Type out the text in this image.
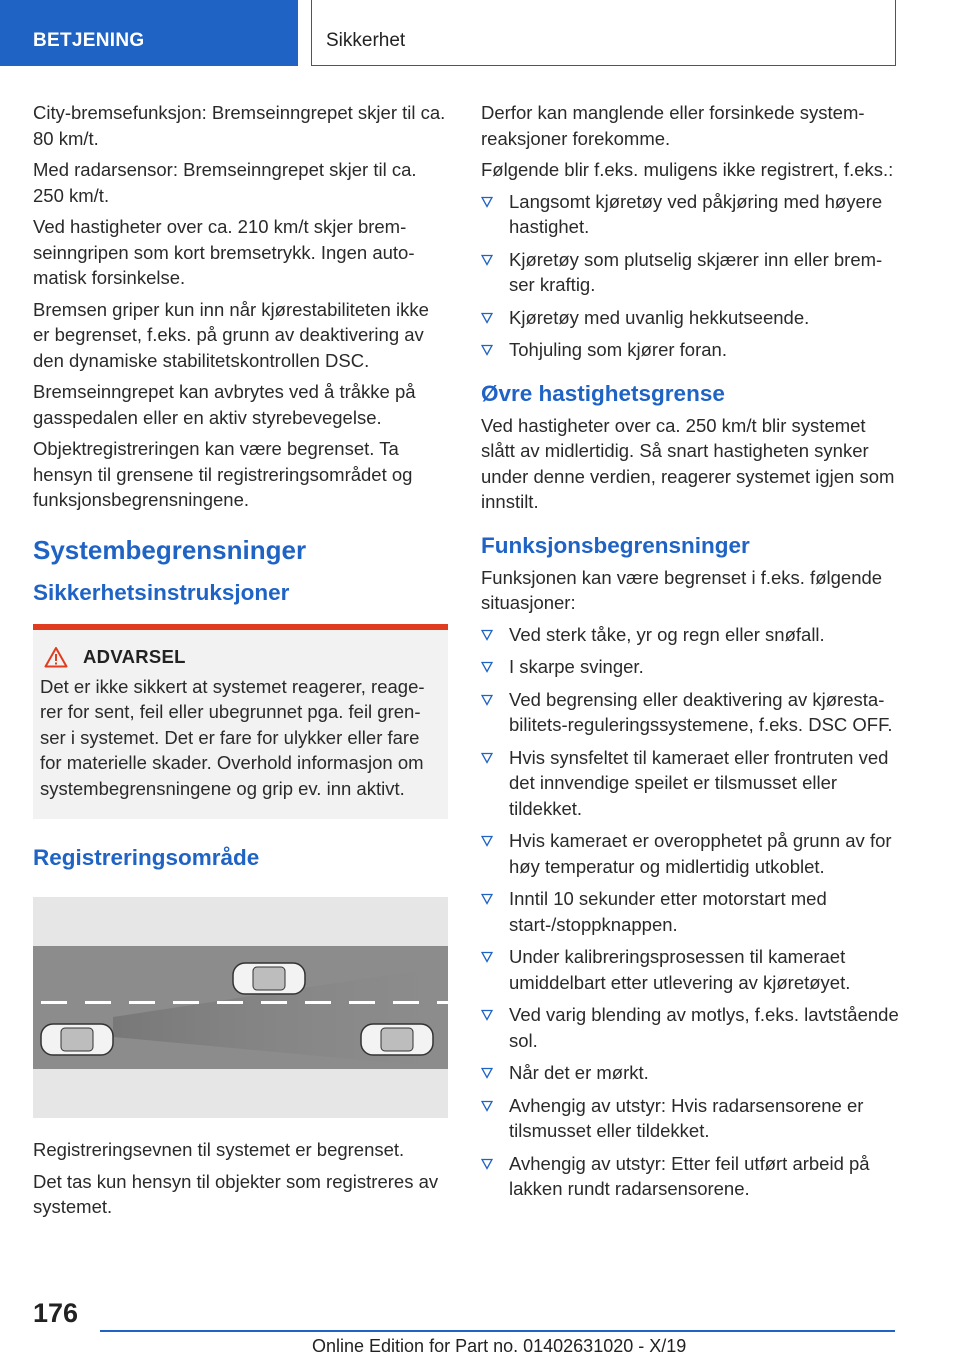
BETJENING	Sikkerhet

City-bremsefunksjon: Bremseinngrepet skjer til ca. 80 km/t.

Med radarsensor: Bremseinngrepet skjer til ca. 250 km/t.

Ved hastigheter over ca. 210 km/t skjer bremseinngripen som kort bremsetrykk. Ingen automatisk forsinkelse.

Bremsen griper kun inn når kjørestabiliteten ikke er begrenset, f.eks. på grunn av deaktivering av den dynamiske stabilitetskontrollen DSC.

Bremseinngrepet kan avbrytes ved å tråkke på gasspedalen eller en aktiv styrebevegelse.

Objektregistreringen kan være begrenset. Ta hensyn til grensene til registreringsområdet og funksjonsbegrensningene.

Systembegrensninger
Sikkerhetsinstruksjoner
ADVARSEL
Det er ikke sikkert at systemet reagerer, reagerer for sent, feil eller ubegrunnet pga. feil grenser i systemet. Det er fare for ulykker eller fare for materielle skader. Overhold informasjon om systembegrensningene og grip ev. inn aktivt.
Registreringsområde

Registreringsevnen til systemet er begrenset.

Det tas kun hensyn til objekter som registreres av systemet.

Derfor kan manglende eller forsinkede systemreaksjoner forekomme.

Følgende blir f.eks. muligens ikke registrert, f.eks.:

Langsomt kjøretøy ved påkjøring med høyere hastighet.
Kjøretøy som plutselig skjærer inn eller bremser kraftig.
Kjøretøy med uvanlig hekkutseende.
Tohjuling som kjører foran.
Øvre hastighetsgrense

Ved hastigheter over ca. 250 km/t blir systemet slått av midlertidig. Så snart hastigheten synker under denne verdien, reagerer systemet igjen som innstilt.

Funksjonsbegrensninger

Funksjonen kan være begrenset i f.eks. følgende situasjoner:

Ved sterk tåke, yr og regn eller snøfall.
I skarpe svinger.
Ved begrensing eller deaktivering av kjørestabilitets-reguleringssystemene, f.eks. DSC OFF.
Hvis synsfeltet til kameraet eller frontruten ved det innvendige speilet er tilsmusset eller tildekket.
Hvis kameraet er overopphetet på grunn av for høy temperatur og midlertidig utkoblet.
Inntil 10 sekunder etter motorstart med start-/stoppknappen.
Under kalibreringsprosessen til kameraet umiddelbart etter utlevering av kjøretøyet.
Ved varig blending av motlys, f.eks. lavtstående sol.
Når det er mørkt.
Avhengig av utstyr: Hvis radarsensorene er tilsmusset eller tildekket.
Avhengig av utstyr: Etter feil utført arbeid på lakken rundt radarsensorene.
176
Online Edition for Part no. 01402631020 - X/19
